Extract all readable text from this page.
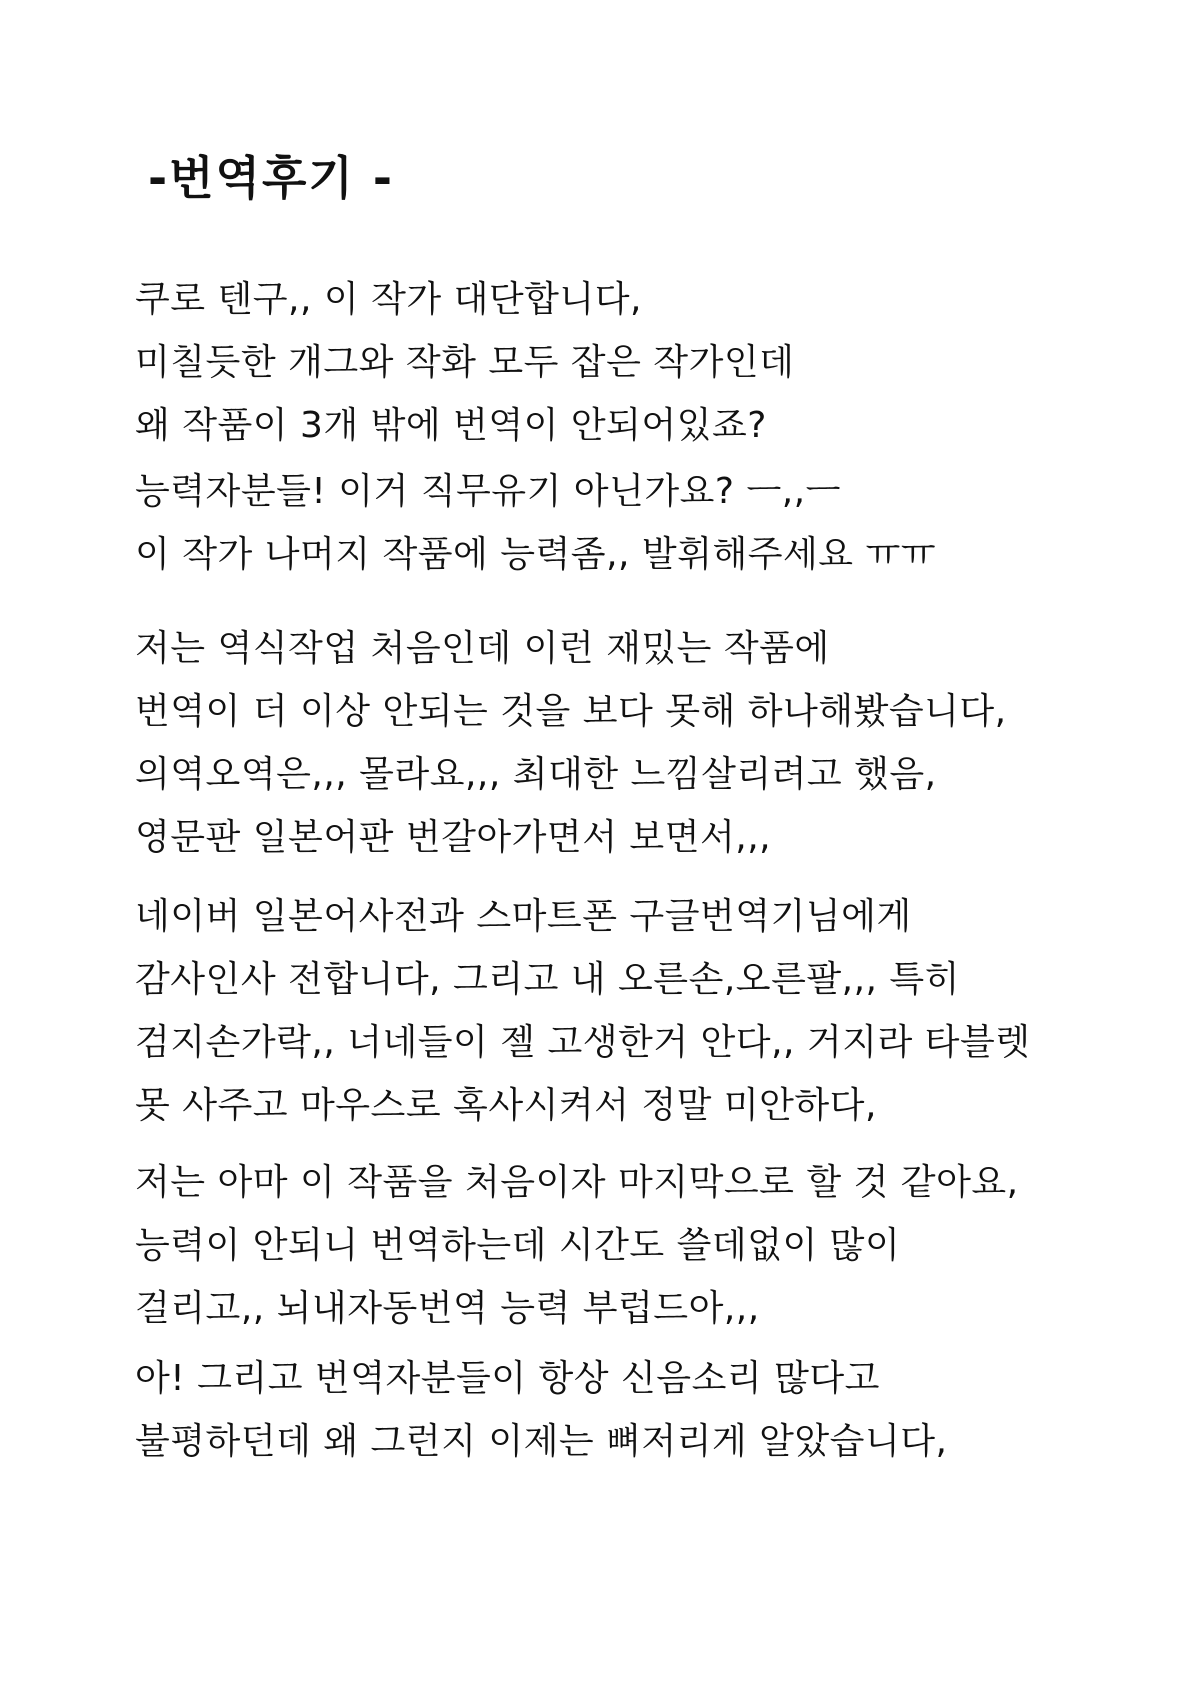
-번역후기 -
쿠로 텐구,, 이 작가 대단합니다,
미칠듯한 개그와 작화 모두 잡은 작가인데
왜 작품이 3개 밖에 번역이 안되어있죠?
능력자분들! 이거 직무유기 아닌가요? ㅡ,,ㅡ
이 작가 나머지 작품에 능력좀,, 발휘해주세요 ㅠㅠ
저는 역식작업 처음인데 이런 재밌는 작품에
번역이 더 이상 안되는 것을 보다 못해 하나해봤습니다,
의역오역은,,, 몰라요,,, 최대한 느낌살리려고 했음,
영문판 일본어판 번갈아가면서 보면서,,,
네이버 일본어사전과 스마트폰 구글번역기님에게
감사인사 전합니다, 그리고 내 오른손,오른팔,,, 특히
검지손가락,, 너네들이 젤 고생한거 안다,, 거지라 타블렛
못 사주고 마우스로 혹사시켜서 정말 미안하다,
저는 아마 이 작품을 처음이자 마지막으로 할 것 같아요,
능력이 안되니 번역하는데 시간도 쓸데없이 많이
걸리고,, 뇌내자동번역 능력 부럽드아,,,
아! 그리고 번역자분들이 항상 신음소리 많다고
불평하던데 왜 그런지 이제는 뼈저리게 알았습니다,
